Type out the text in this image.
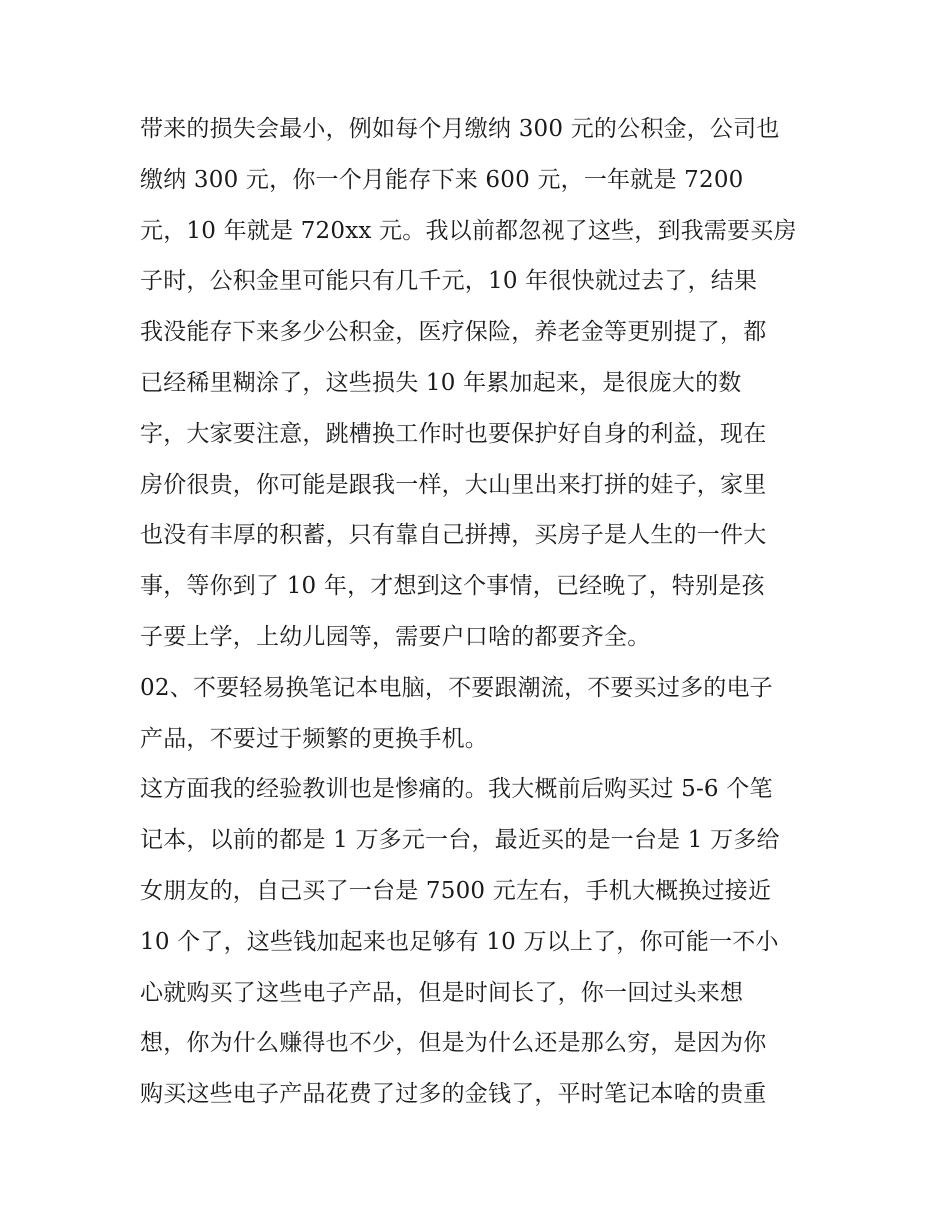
带来的损失会最小，例如每个月缴纳 300 元的公积金，公司也
缴纳 300 元，你一个月能存下来 600 元，一年就是 7200
元，10 年就是 720xx 元。我以前都忽视了这些，到我需要买房
子时，公积金里可能只有几千元，10 年很快就过去了，结果
我没能存下来多少公积金，医疗保险，养老金等更别提了，都
已经稀里糊涂了，这些损失 10 年累加起来，是很庞大的数
字，大家要注意，跳槽换工作时也要保护好自身的利益，现在
房价很贵，你可能是跟我一样，大山里出来打拼的娃子，家里
也没有丰厚的积蓄，只有靠自己拼搏，买房子是人生的一件大
事，等你到了 10 年，才想到这个事情，已经晚了，特别是孩
子要上学，上幼儿园等，需要户口啥的都要齐全。
02、不要轻易换笔记本电脑，不要跟潮流，不要买过多的电子
产品，不要过于频繁的更换手机。
这方面我的经验教训也是惨痛的。我大概前后购买过 5-6 个笔
记本，以前的都是 1 万多元一台，最近买的是一台是 1 万多给
女朋友的，自己买了一台是 7500 元左右，手机大概换过接近
10 个了，这些钱加起来也足够有 10 万以上了，你可能一不小
心就购买了这些电子产品，但是时间长了，你一回过头来想
想，你为什么赚得也不少，但是为什么还是那么穷，是因为你
购买这些电子产品花费了过多的金钱了，平时笔记本啥的贵重
